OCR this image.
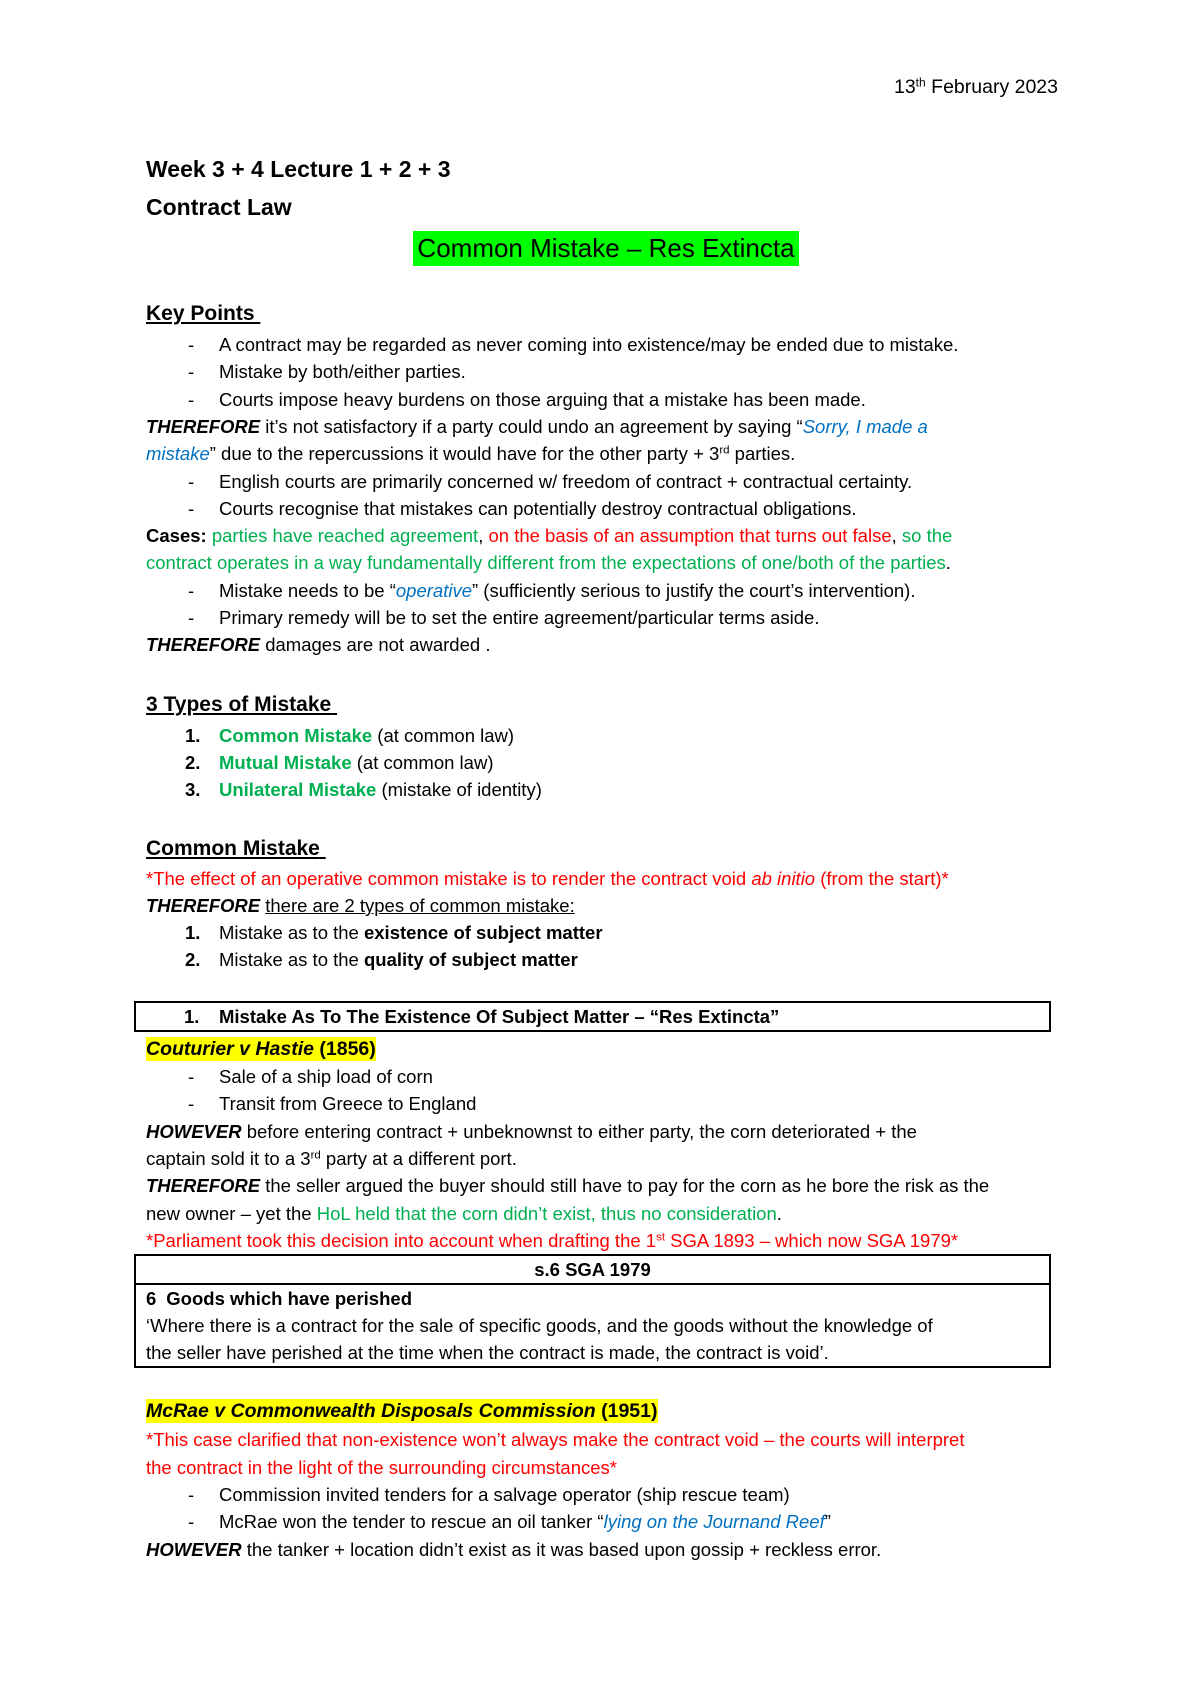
13th February 2023
Week 3 + 4 Lecture 1 + 2 + 3
Contract Law
Common Mistake – Res Extincta
Key Points
- A contract may be regarded as never coming into existence/may be ended due to mistake.
- Mistake by both/either parties.
- Courts impose heavy burdens on those arguing that a mistake has been made.
THEREFORE it’s not satisfactory if a party could undo an agreement by saying “Sorry, I made a
mistake” due to the repercussions it would have for the other party + 3rd parties.
- English courts are primarily concerned w/ freedom of contract + contractual certainty.
- Courts recognise that mistakes can potentially destroy contractual obligations.
Cases: parties have reached agreement, on the basis of an assumption that turns out false, so the
contract operates in a way fundamentally different from the expectations of one/both of the parties.
- Mistake needs to be “operative” (sufficiently serious to justify the court’s intervention).
- Primary remedy will be to set the entire agreement/particular terms aside.
THEREFORE damages are not awarded .
3 Types of Mistake
1. Common Mistake (at common law)
2. Mutual Mistake (at common law)
3. Unilateral Mistake (mistake of identity)
Common Mistake
*The effect of an operative common mistake is to render the contract void ab initio (from the start)*
THEREFORE there are 2 types of common mistake:
1. Mistake as to the existence of subject matter
2. Mistake as to the quality of subject matter
1. Mistake As To The Existence Of Subject Matter – “Res Extincta”
Couturier v Hastie (1856)
- Sale of a ship load of corn
- Transit from Greece to England
HOWEVER before entering contract + unbeknownst to either party, the corn deteriorated + the
captain sold it to a 3rd party at a different port.
THEREFORE the seller argued the buyer should still have to pay for the corn as he bore the risk as the
new owner – yet the HoL held that the corn didn’t exist, thus no consideration.
*Parliament took this decision into account when drafting the 1st SGA 1893 – which now SGA 1979*
s.6 SGA 1979
6 Goods which have perished
‘Where there is a contract for the sale of specific goods, and the goods without the knowledge of
the seller have perished at the time when the contract is made, the contract is void’.
McRae v Commonwealth Disposals Commission (1951)
*This case clarified that non-existence won’t always make the contract void – the courts will interpret
the contract in the light of the surrounding circumstances*
- Commission invited tenders for a salvage operator (ship rescue team)
- McRae won the tender to rescue an oil tanker “lying on the Journand Reef”
HOWEVER the tanker + location didn’t exist as it was based upon gossip + reckless error.
